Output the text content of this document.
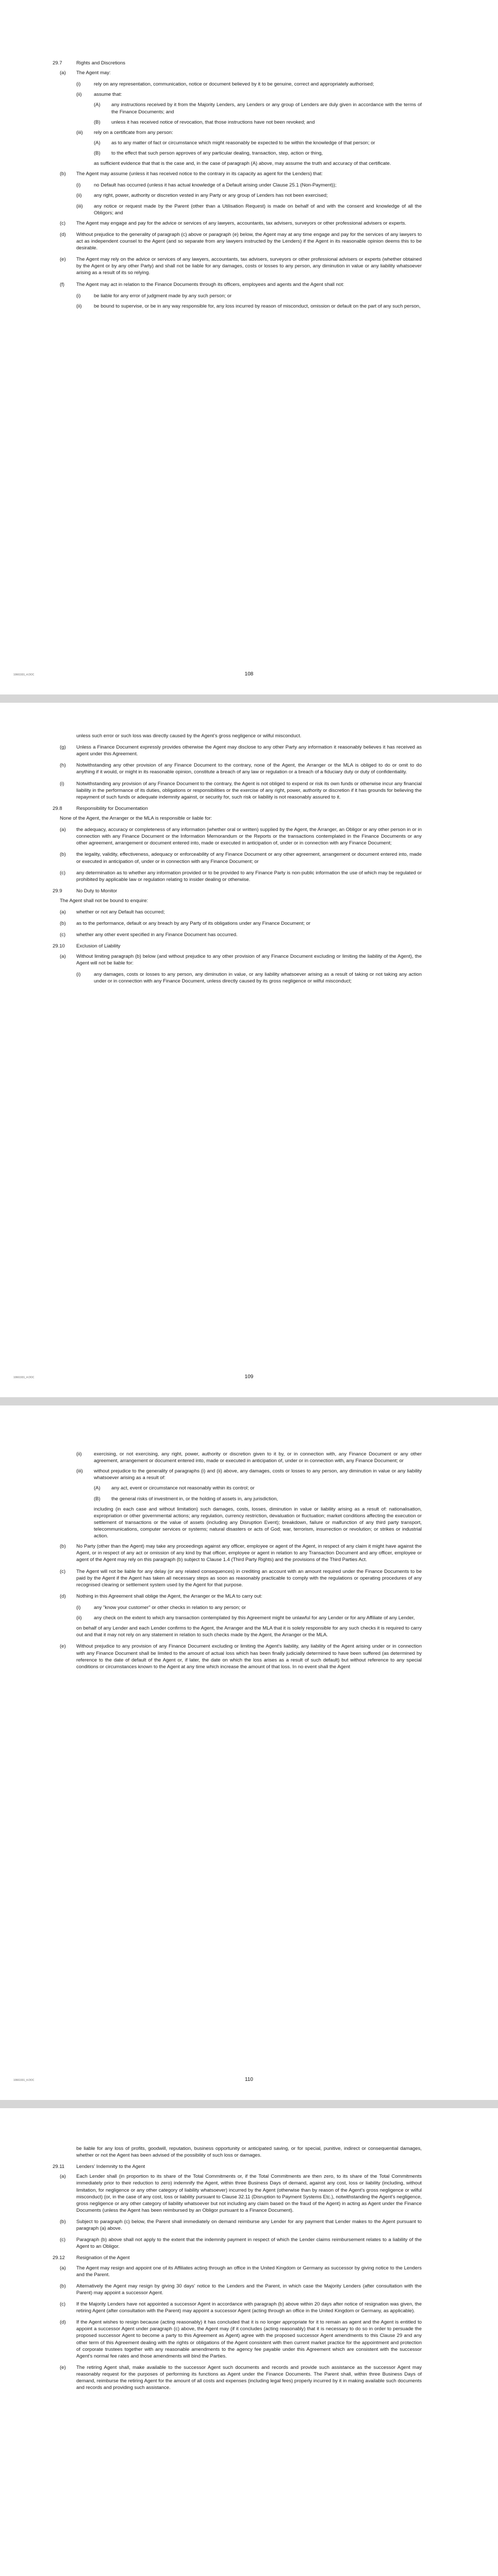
29.7	Rights and Discretions
(a)	The Agent may:
(i)	rely on any representation, communication, notice or document believed by it to be genuine, correct and appropriately authorised;
(ii)	assume that:
(A)	any instructions received by it from the Majority Lenders, any Lenders or any group of Lenders are duly given in accordance with the terms of the Finance Documents; and
(B)	unless it has received notice of revocation, that those instructions have not been revoked; and
(iii)	rely on a certificate from any person:
(A)	as to any matter of fact or circumstance which might reasonably be expected to be within the knowledge of that person; or
(B)	to the effect that such person approves of any particular dealing, transaction, step, action or thing,
as sufficient evidence that that is the case and, in the case of paragraph (A) above, may assume the truth and accuracy of that certificate.
(b)	The Agent may assume (unless it has received notice to the contrary in its capacity as agent for the Lenders) that:
(i)	no Default has occurred (unless it has actual knowledge of a Default arising under Clause 25.1 (Non-Payment));
(ii)	any right, power, authority or discretion vested in any Party or any group of Lenders has not been exercised;
(iii)	any notice or request made by the Parent (other than a Utilisation Request) is made on behalf of and with the consent and knowledge of all the Obligors; and
(c)	The Agent may engage and pay for the advice or services of any lawyers, accountants, tax advisers, surveyors or other professional advisers or experts.
(d)	Without prejudice to the generality of paragraph (c) above or paragraph (e) below, the Agent may at any time engage and pay for the services of any lawyers to act as independent counsel to the Agent (and so separate from any lawyers instructed by the Lenders) if the Agent in its reasonable opinion deems this to be desirable.
(e)	The Agent may rely on the advice or services of any lawyers, accountants, tax advisers, surveyors or other professional advisers or experts (whether obtained by the Agent or by any other Party) and shall not be liable for any damages, costs or losses to any person, any diminution in value or any liability whatsoever arising as a result of its so relying.
(f)	The Agent may act in relation to the Finance Documents through its officers, employees and agents and the Agent shall not:
(i)	be liable for any error of judgment made by any such person; or
(ii)	be bound to supervise, or be in any way responsible for, any loss incurred by reason of misconduct, omission or default on the part of any such person,
108
10661931_4.DOC
unless such error or such loss was directly caused by the Agent's gross negligence or wilful misconduct.
(g)	Unless a Finance Document expressly provides otherwise the Agent may disclose to any other Party any information it reasonably believes it has received as agent under this Agreement.
(h)	Notwithstanding any other provision of any Finance Document to the contrary, none of the Agent, the Arranger or the MLA is obliged to do or omit to do anything if it would, or might in its reasonable opinion, constitute a breach of any law or regulation or a breach of a fiduciary duty or duty of confidentiality.
(i)	Notwithstanding any provision of any Finance Document to the contrary, the Agent is not obliged to expend or risk its own funds or otherwise incur any financial liability in the performance of its duties, obligations or responsibilities or the exercise of any right, power, authority or discretion if it has grounds for believing the repayment of such funds or adequate indemnity against, or security for, such risk or liability is not reasonably assured to it.
29.8	Responsibility for Documentation
None of the Agent, the Arranger or the MLA is responsible or liable for:
(a)	the adequacy, accuracy or completeness of any information (whether oral or written) supplied by the Agent, the Arranger, an Obligor or any other person in or in connection with any Finance Document or the Information Memorandum or the Reports or the transactions contemplated in the Finance Documents or any other agreement, arrangement or document entered into, made or executed in anticipation of, under or in connection with any Finance Document;
(b)	the legality, validity, effectiveness, adequacy or enforceability of any Finance Document or any other agreement, arrangement or document entered into, made or executed in anticipation of, under or in connection with any Finance Document; or
(c)	any determination as to whether any information provided or to be provided to any Finance Party is non-public information the use of which may be regulated or prohibited by applicable law or regulation relating to insider dealing or otherwise.
29.9	No Duty to Monitor
The Agent shall not be bound to enquire:
(a)	whether or not any Default has occurred;
(b)	as to the performance, default or any breach by any Party of its obligations under any Finance Document; or
(c)	whether any other event specified in any Finance Document has occurred.
29.10	Exclusion of Liability
(a)	Without limiting paragraph (b) below (and without prejudice to any other provision of any Finance Document excluding or limiting the liability of the Agent), the Agent will not be liable for:
(i)	any damages, costs or losses to any person, any diminution in value, or any liability whatsoever arising as a result of taking or not taking any action under or in connection with any Finance Document, unless directly caused by its gross negligence or wilful misconduct;
109
10661931_4.DOC
(ii)	exercising, or not exercising, any right, power, authority or discretion given to it by, or in connection with, any Finance Document or any other agreement, arrangement or document entered into, made or executed in anticipation of, under or in connection with, any Finance Document; or
(iii)	without prejudice to the generality of paragraphs (i) and (ii) above, any damages, costs or losses to any person, any diminution in value or any liability whatsoever arising as a result of:
(A)	any act, event or circumstance not reasonably within its control; or
(B)	the general risks of investment in, or the holding of assets in, any jurisdiction,
including (in each case and without limitation) such damages, costs, losses, diminution in value or liability arising as a result of: nationalisation, expropriation or other governmental actions; any regulation, currency restriction, devaluation or fluctuation; market conditions affecting the execution or settlement of transactions or the value of assets (including any Disruption Event); breakdown, failure or malfunction of any third party transport, telecommunications, computer services or systems; natural disasters or acts of God; war, terrorism, insurrection or revolution; or strikes or industrial action.
(b)	No Party (other than the Agent) may take any proceedings against any officer, employee or agent of the Agent, in respect of any claim it might have against the Agent, or in respect of any act or omission of any kind by that officer, employee or agent in relation to any Transaction Document and any officer, employee or agent of the Agent may rely on this paragraph (b) subject to Clause 1.4 (Third Party Rights) and the provisions of the Third Parties Act.
(c)	The Agent will not be liable for any delay (or any related consequences) in crediting an account with an amount required under the Finance Documents to be paid by the Agent if the Agent has taken all necessary steps as soon as reasonably practicable to comply with the regulations or operating procedures of any recognised clearing or settlement system used by the Agent for that purpose.
(d)	Nothing in this Agreement shall oblige the Agent, the Arranger or the MLA to carry out:
(i)	any "know your customer" or other checks in relation to any person; or
(ii)	any check on the extent to which any transaction contemplated by this Agreement might be unlawful for any Lender or for any Affiliate of any Lender,
on behalf of any Lender and each Lender confirms to the Agent, the Arranger and the MLA that it is solely responsible for any such checks it is required to carry out and that it may not rely on any statement in relation to such checks made by the Agent, the Arranger or the MLA.
(e)	Without prejudice to any provision of any Finance Document excluding or limiting the Agent's liability, any liability of the Agent arising under or in connection with any Finance Document shall be limited to the amount of actual loss which has been finally judicially determined to have been suffered (as determined by reference to the date of default of the Agent or, if later, the date on which the loss arises as a result of such default) but without reference to any special conditions or circumstances known to the Agent at any time which increase the amount of that loss. In no event shall the Agent
110
10661931_4.DOC
be liable for any loss of profits, goodwill, reputation, business opportunity or anticipated saving, or for special, punitive, indirect or consequential damages, whether or not the Agent has been advised of the possibility of such loss or damages.
29.11	Lenders' Indemnity to the Agent
(a)	Each Lender shall (in proportion to its share of the Total Commitments or, if the Total Commitments are then zero, to its share of the Total Commitments immediately prior to their reduction to zero) indemnify the Agent, within three Business Days of demand, against any cost, loss or liability (including, without limitation, for negligence or any other category of liability whatsoever) incurred by the Agent (otherwise than by reason of the Agent's gross negligence or wilful misconduct) (or, in the case of any cost, loss or liability pursuant to Clause 32.11 (Disruption to Payment Systems Etc.), notwithstanding the Agent's negligence, gross negligence or any other category of liability whatsoever but not including any claim based on the fraud of the Agent) in acting as Agent under the Finance Documents (unless the Agent has been reimbursed by an Obligor pursuant to a Finance Document).
(b)	Subject to paragraph (c) below, the Parent shall immediately on demand reimburse any Lender for any payment that Lender makes to the Agent pursuant to paragraph (a) above.
(c)	Paragraph (b) above shall not apply to the extent that the indemnity payment in respect of which the Lender claims reimbursement relates to a liability of the Agent to an Obligor.
29.12	Resignation of the Agent
(a)	The Agent may resign and appoint one of its Affiliates acting through an office in the United Kingdom or Germany as successor by giving notice to the Lenders and the Parent.
(b)	Alternatively the Agent may resign by giving 30 days' notice to the Lenders and the Parent, in which case the Majority Lenders (after consultation with the Parent) may appoint a successor Agent.
(c)	If the Majority Lenders have not appointed a successor Agent in accordance with paragraph (b) above within 20 days after notice of resignation was given, the retiring Agent (after consultation with the Parent) may appoint a successor Agent (acting through an office in the United Kingdom or Germany, as applicable).
(d)	If the Agent wishes to resign because (acting reasonably) it has concluded that it is no longer appropriate for it to remain as agent and the Agent is entitled to appoint a successor Agent under paragraph (c) above, the Agent may (if it concludes (acting reasonably) that it is necessary to do so in order to persuade the proposed successor Agent to become a party to this Agreement as Agent) agree with the proposed successor Agent amendments to this Clause 29 and any other term of this Agreement dealing with the rights or obligations of the Agent consistent with then current market practice for the appointment and protection of corporate trustees together with any reasonable amendments to the agency fee payable under this Agreement which are consistent with the successor Agent's normal fee rates and those amendments will bind the Parties.
(e)	The retiring Agent shall, make available to the successor Agent such documents and records and provide such assistance as the successor Agent may reasonably request for the purposes of performing its functions as Agent under the Finance Documents. The Parent shall, within three Business Days of demand, reimburse the retiring Agent for the amount of all costs and expenses (including legal fees) properly incurred by it in making available such documents and records and providing such assistance.
